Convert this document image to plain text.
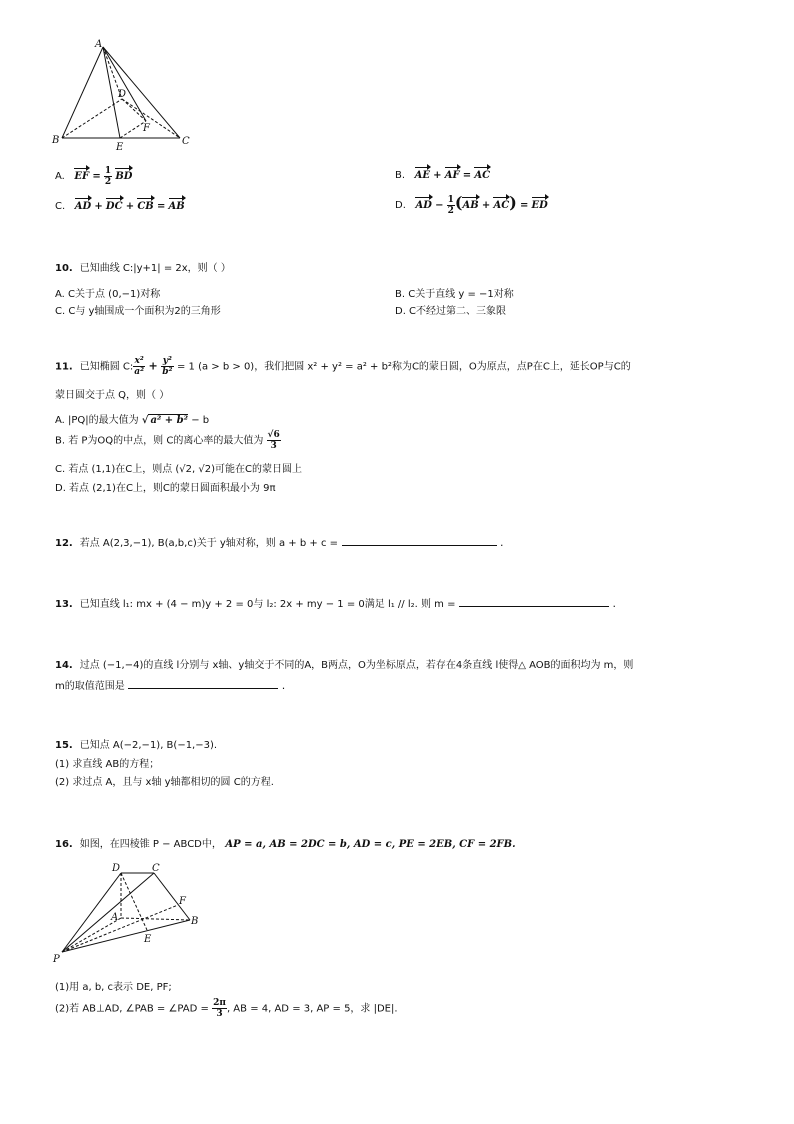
A
B	C
D
E
F
A. EF = $\frac{1}{2}$ BD	B. AE + AF = AC
C. AD + DC + CB = AB	D. AD − $\frac{1}{2} (AB + AC)$ = ED
10. 已知曲线 C:|y+1| = 2x，则（ ）
A. C关于点 (0,−1)对称	B. C关于直线 y = −1对称
C. C与 y轴围成一个面积为2的三角形	D. C不经过第二、三象限
11. 已知椭圆 C: $\frac{\text{x²}}{\text{a²}} + \frac{\text{y²}}{\text{b²}} = 1$ (a > b > 0)，我们把圆 x² + y² = a² + b²称为C的蒙日圆，O为原点，点P在C上，延长OP与C的
蒙日圆交于点 Q，则（ ）
A. |PQ|的最大值为 √ a² + b² − b
B. 若 P为OQ的中点，则 C的离心率的最大值为 $\frac{√6}{3}$
C. 若点 (1,1)在C上，则点 (√2, √2)可能在C的蒙日圆上
D. 若点 (2,1)在C上，则C的蒙日圆面积最小为 9π
12. 若点 A(2,3,−1), B(a,b,c)关于 y轴对称，则 a + b + c =	.
13. 已知直线 l₁: mx + (4 − m)y + 2 = 0与 l₂: 2x + my − 1 = 0满足 l₁ // l₂. 则 m =	.
14. 过点 (−1,−4)的直线 l分别与 x轴、y轴交于不同的A，B两点，O为坐标原点，若存在4条直线 l使得△ AOB的面积均为 m，则
m的取值范围是	.
15. 已知点 A(−2,−1), B(−1,−3).
(1) 求直线 AB的方程；
(2) 求过点 A，且与 x轴 y轴都相切的圆 C的方程.
16. 如图，在四棱锥 P − ABCD中， AP = a, AB = 2DC = b, AD = c, PE = 2EB, CF = 2FB.
D	C
A
F
B
E
P
(1)用 a, b, c表示 DE, PF;
(2)若 AB⊥AD, ∠PAB = ∠PAD = $\frac{2\pi}{3}$ , AB = 4, AD = 3, AP = 5，求 |DE|.
